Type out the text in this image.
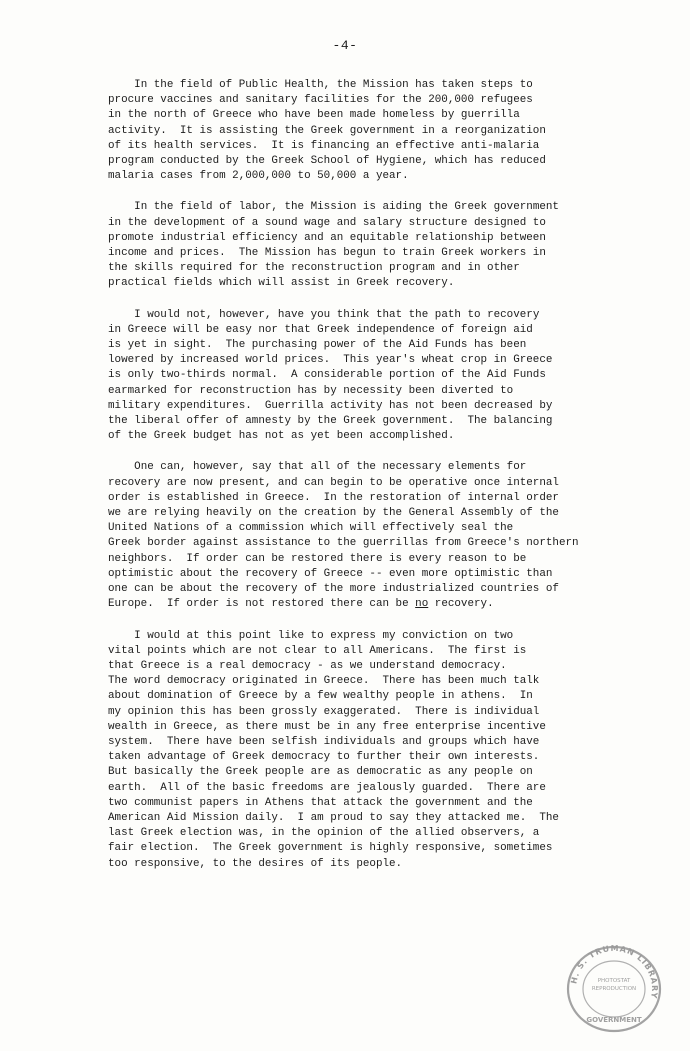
-4-
In the field of Public Health, the Mission has taken steps to
procure vaccines and sanitary facilities for the 200,000 refugees
in the north of Greece who have been made homeless by guerrilla
activity.  It is assisting the Greek government in a reorganization
of its health services.  It is financing an effective anti-malaria
program conducted by the Greek School of Hygiene, which has reduced
malaria cases from 2,000,000 to 50,000 a year.
In the field of labor, the Mission is aiding the Greek government
in the development of a sound wage and salary structure designed to
promote industrial efficiency and an equitable relationship between
income and prices.  The Mission has begun to train Greek workers in
the skills required for the reconstruction program and in other
practical fields which will assist in Greek recovery.
I would not, however, have you think that the path to recovery
in Greece will be easy nor that Greek independence of foreign aid
is yet in sight.  The purchasing power of the Aid Funds has been
lowered by increased world prices.  This year's wheat crop in Greece
is only two-thirds normal.  A considerable portion of the Aid Funds
earmarked for reconstruction has by necessity been diverted to
military expenditures.  Guerrilla activity has not been decreased by
the liberal offer of amnesty by the Greek government.  The balancing
of the Greek budget has not as yet been accomplished.
One can, however, say that all of the necessary elements for
recovery are now present, and can begin to be operative once internal
order is established in Greece.  In the restoration of internal order
we are relying heavily on the creation by the General Assembly of the
United Nations of a commission which will effectively seal the
Greek border against assistance to the guerrillas from Greece's northern
neighbors.  If order can be restored there is every reason to be
optimistic about the recovery of Greece -- even more optimistic than
one can be about the recovery of the more industrialized countries of
Europe.  If order is not restored there can be no recovery.
I would at this point like to express my conviction on two
vital points which are not clear to all Americans.  The first is
that Greece is a real democracy - as we understand democracy.
The word democracy originated in Greece.  There has been much talk
about domination of Greece by a few wealthy people in athens.  In
my opinion this has been grossly exaggerated.  There is individual
wealth in Greece, as there must be in any free enterprise incentive
system.  There have been selfish individuals and groups which have
taken advantage of Greek democracy to further their own interests.
But basically the Greek people are as democratic as any people on
earth.  All of the basic freedoms are jealously guarded.  There are
two communist papers in Athens that attack the government and the
American Aid Mission daily.  I am proud to say they attacked me.  The
last Greek election was, in the opinion of the allied observers, a
fair election.  The Greek government is highly responsive, sometimes
too responsive, to the desires of its people.
H. S. TRUMAN LIBRARY
PHOTOSTAT
REPRODUCTION
GOVERNMENT
